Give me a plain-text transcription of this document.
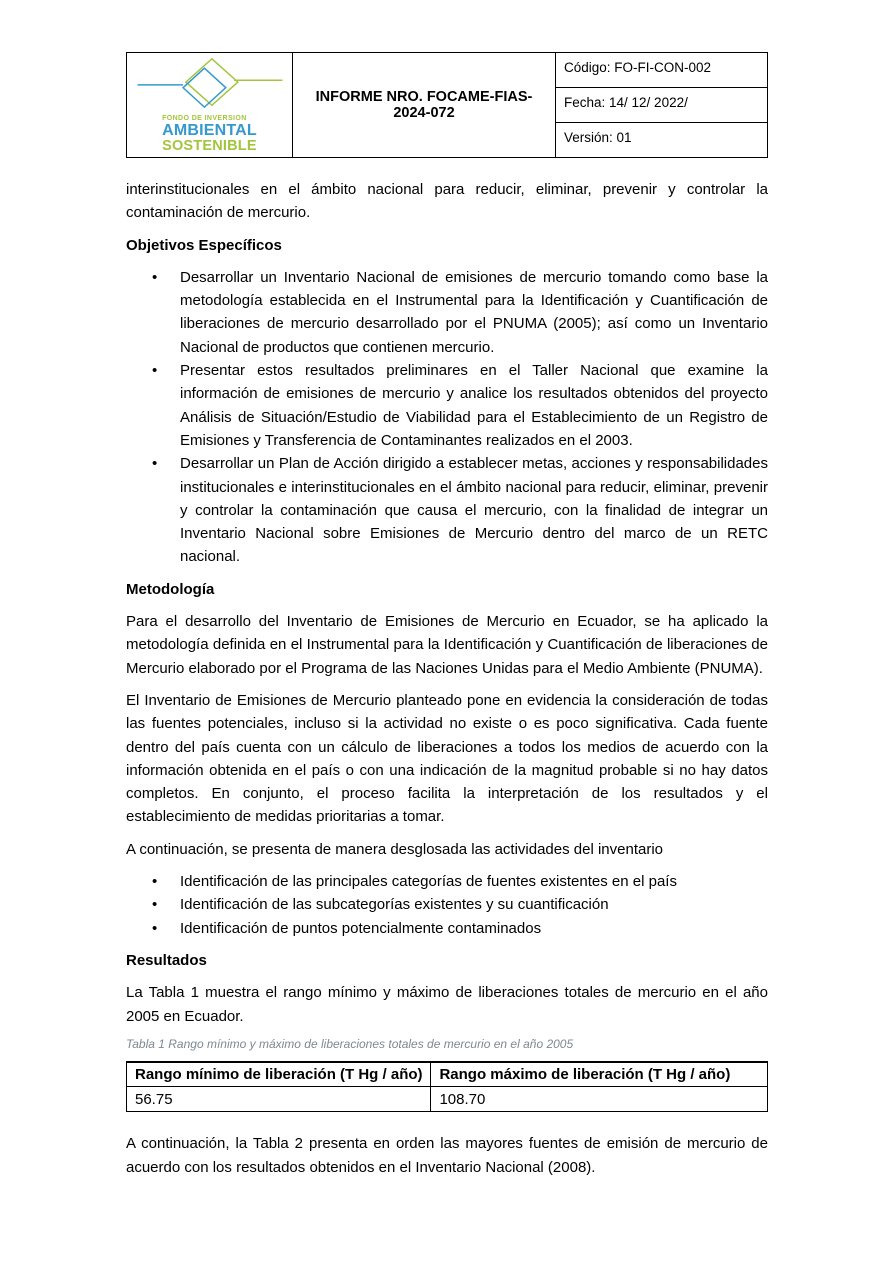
FONDO DE INVERSION
AMBIENTAL
SOSTENIBLE
INFORME NRO. FOCAME-FIAS-2024-072
Código: FO-FI-CON-002
Fecha: 14/ 12/ 2022/
Versión: 01

interinstitucionales en el ámbito nacional para reducir, eliminar, prevenir y controlar la contaminación de mercurio.

Objetivos Específicos
• Desarrollar un Inventario Nacional de emisiones de mercurio tomando como base la metodología establecida en el Instrumental para la Identificación y Cuantificación de liberaciones de mercurio desarrollado por el PNUMA (2005); así como un Inventario Nacional de productos que contienen mercurio.
• Presentar estos resultados preliminares en el Taller Nacional que examine la información de emisiones de mercurio y analice los resultados obtenidos del proyecto Análisis de Situación/Estudio de Viabilidad para el Establecimiento de un Registro de Emisiones y Transferencia de Contaminantes realizados en el 2003.
• Desarrollar un Plan de Acción dirigido a establecer metas, acciones y responsabilidades institucionales e interinstitucionales en el ámbito nacional para reducir, eliminar, prevenir y controlar la contaminación que causa el mercurio, con la finalidad de integrar un Inventario Nacional sobre Emisiones de Mercurio dentro del marco de un RETC nacional.
Metodología

Para el desarrollo del Inventario de Emisiones de Mercurio en Ecuador, se ha aplicado la metodología definida en el Instrumental para la Identificación y Cuantificación de liberaciones de Mercurio elaborado por el Programa de las Naciones Unidas para el Medio Ambiente (PNUMA).

El Inventario de Emisiones de Mercurio planteado pone en evidencia la consideración de todas las fuentes potenciales, incluso si la actividad no existe o es poco significativa. Cada fuente dentro del país cuenta con un cálculo de liberaciones a todos los medios de acuerdo con la información obtenida en el país o con una indicación de la magnitud probable si no hay datos completos. En conjunto, el proceso facilita la interpretación de los resultados y el establecimiento de medidas prioritarias a tomar.

A continuación, se presenta de manera desglosada las actividades del inventario

• Identificación de las principales categorías de fuentes existentes en el país
• Identificación de las subcategorías existentes y su cuantificación
• Identificación de puntos potencialmente contaminados
Resultados

La Tabla 1 muestra el rango mínimo y máximo de liberaciones totales de mercurio en el año 2005 en Ecuador.

Tabla 1 Rango mínimo y máximo de liberaciones totales de mercurio en el año 2005

Rango mínimo de liberación (T Hg / año)	Rango máximo de liberación (T Hg / año)
56.75	108.70

A continuación, la Tabla 2 presenta en orden las mayores fuentes de emisión de mercurio de acuerdo con los resultados obtenidos en el Inventario Nacional (2008).
